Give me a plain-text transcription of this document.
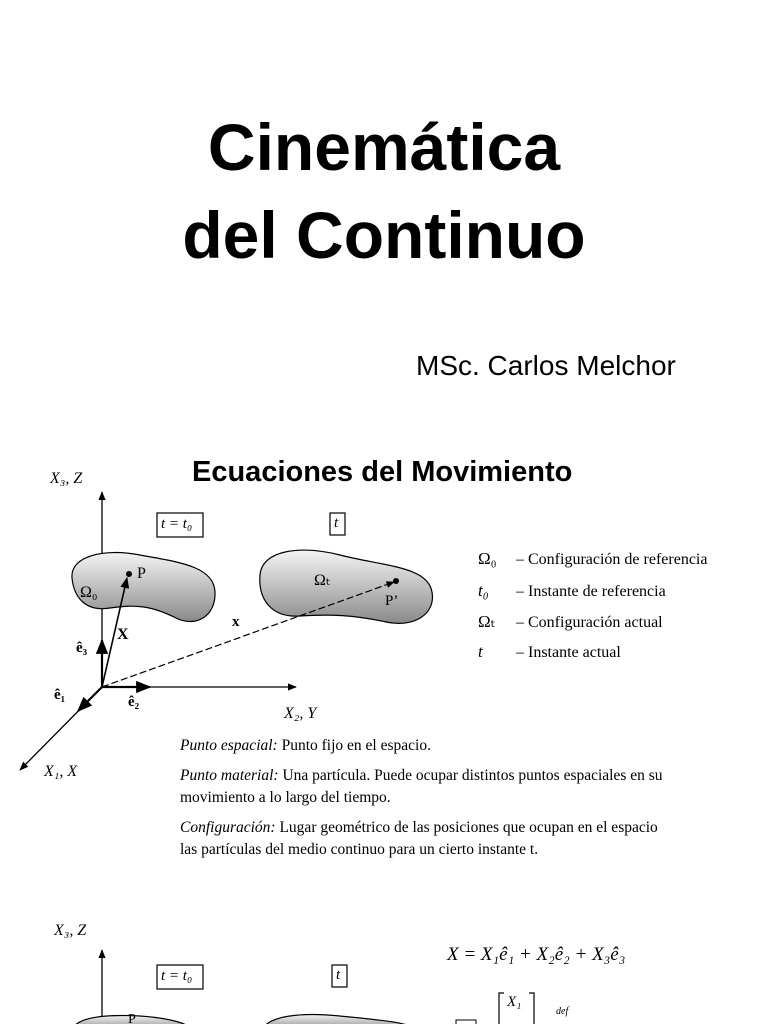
Cinemática
del Continuo
MSc. Carlos Melchor
Ecuaciones del Movimiento
X₃, Z
X₂, Y
X₁, X
ê₃
ê₂
ê₁
X
x
P
P’
Ω₀
Ωₜ
t = t₀	t
Ω₀ – Configuración de referencia
t₀ – Instante de referencia
Ωₜ – Configuración actual
t – Instante actual
Punto espacial: Punto fijo en el espacio.
Punto material: Una partícula. Puede ocupar distintos puntos espaciales en su movimiento a lo largo del tiempo.
Configuración: Lugar geométrico de las posiciones que ocupan en el espacio las partículas del medio continuo para un cierto instante t.
X₃, Z
t = t₀	t
X = X₁ê₁ + X₂ê₂ + X₃ê₃
X₁
def
P
